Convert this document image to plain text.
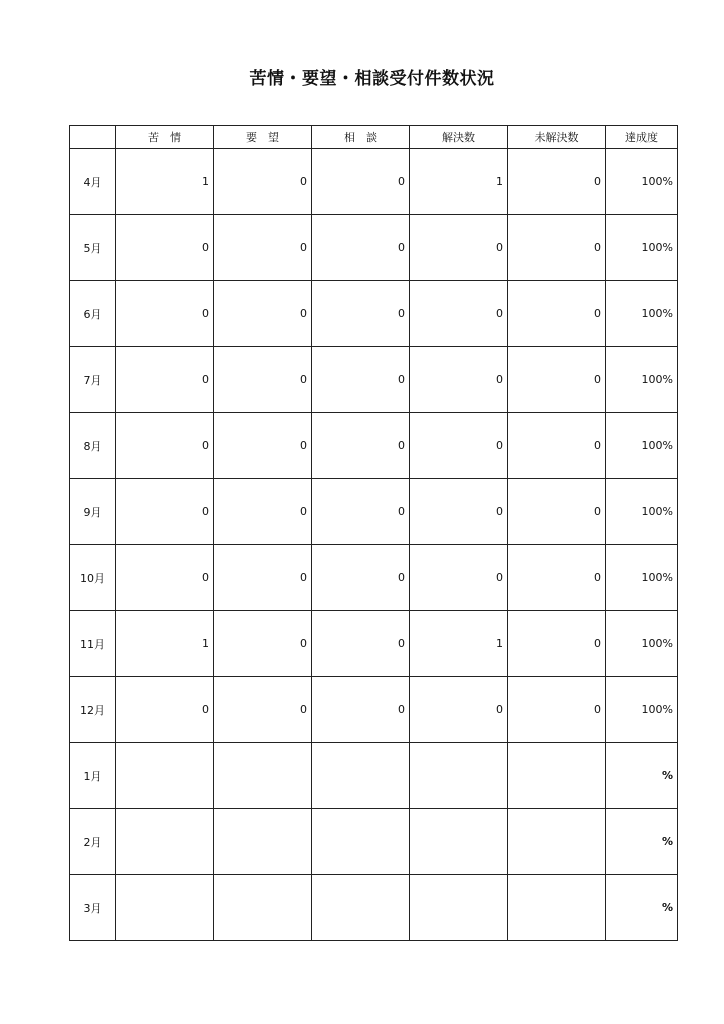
苦情・要望・相談受付件数状況
	苦　情	要　望	相　談	解決数	未解決数	達成度
4月	1	0	0	1	0	100%
5月	0	0	0	0	0	100%
6月	0	0	0	0	0	100%
7月	0	0	0	0	0	100%
8月	0	0	0	0	0	100%
9月	0	0	0	0	0	100%
10月	0	0	0	0	0	100%
11月	1	0	0	1	0	100%
12月	0	0	0	0	0	100%
1月						%
2月						%
3月						%
